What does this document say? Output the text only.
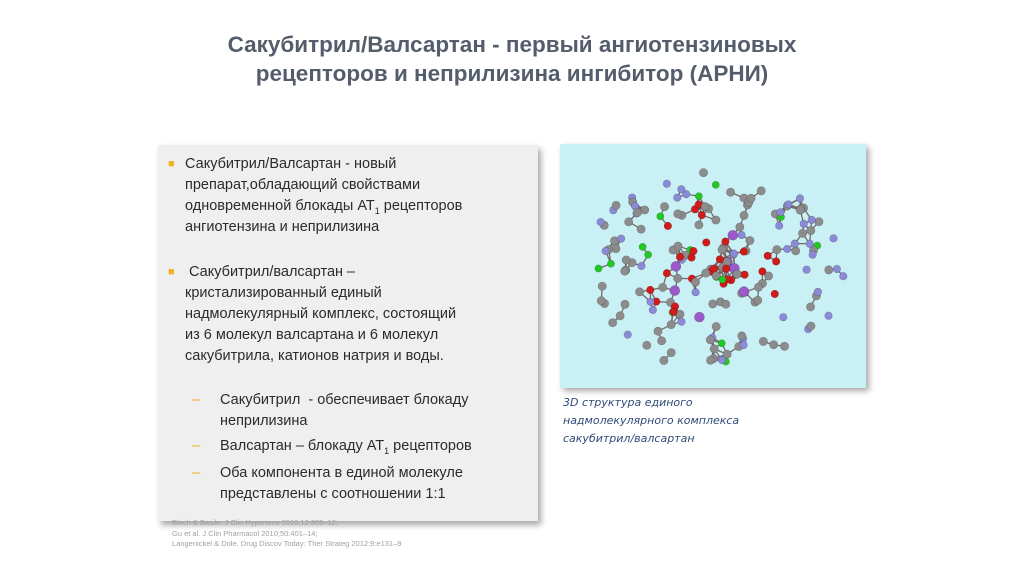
Сакубитрил/Валсартан - первый ангиотензиновых
рецепторов и неприлизина ингибитор (АРНИ)
■ Сакубитрил/Валсартан - новый
препарат,обладающий свойствами
одновременной блокады $АТ_1$ рецепторов
ангиотензина и неприлизина
■ Сакубитрил/валсартан –
кристализированный единый
надмолекулярный комплекс, состоящий
из 6 молекул валсартана и 6 молекул
сакубитрила, катионов натрия и воды.
– Сакубитрил  - обеспечивает блокаду
неприлизина
– Валсартан – блокаду $АТ_1$ рецепторов
– Оба компонента в единой молекуле
представлены с соотношении 1:1
Bloch & Basile. J Clin Hypertens 2010;12:809–12;
Gu et al. J Clin Pharmacol 2010;50:401–14;
Langenickel & Dole. Drug Discov Today: Ther Strateg 2012;9:e131–9
3D структура единого
надмолекулярного комплекса
сакубитрил/валсартан
